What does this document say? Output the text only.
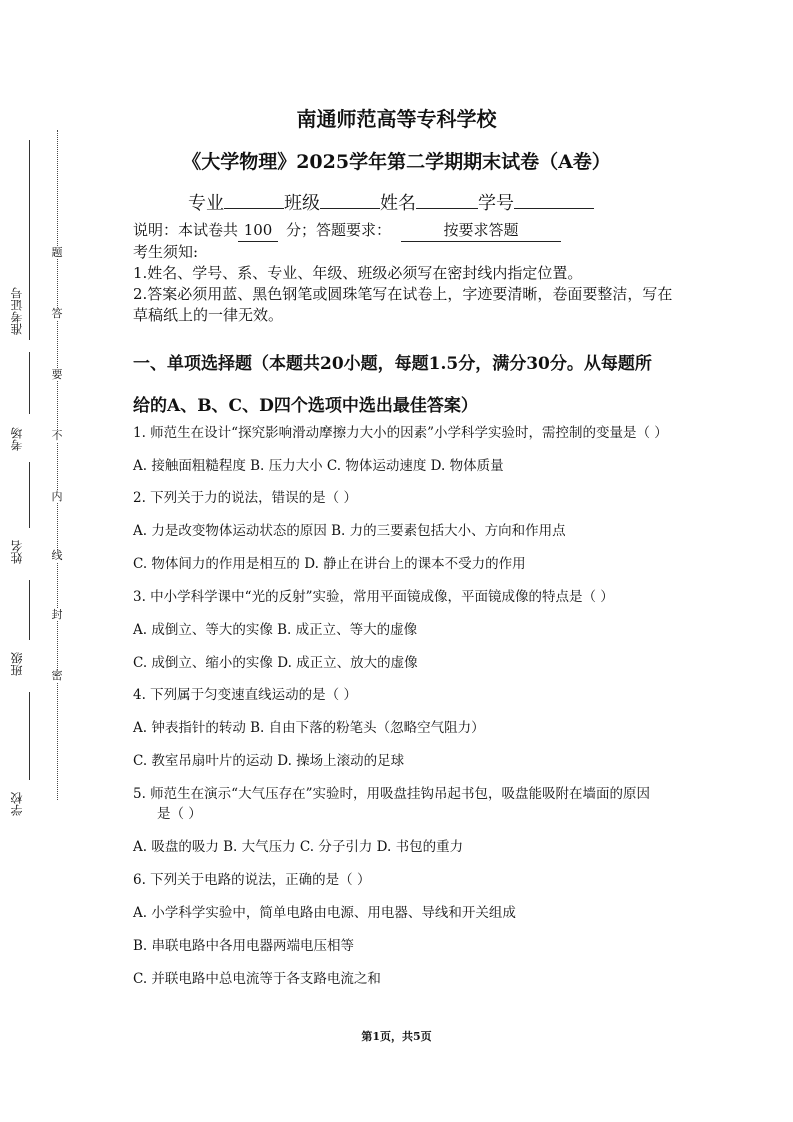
准考证号
考场
姓名
班级
学校
题
答
要
不
内
线
封
密
南通师范高等专科学校
《大学物理》2025学年第二学期期末试卷（A卷）
专业	班级	姓名	学号
说明：本试卷共 100 分；答题要求：	按要求答题
考生须知:
1.姓名、学号、系、专业、年级、班级必须写在密封线内指定位置。
2.答案必须用蓝、黑色钢笔或圆珠笔写在试卷上，字迹要清晰，卷面要整洁，写在草稿纸上的一律无效。
一、单项选择题（本题共20小题，每题1.5分，满分30分。从每题所
给的A、B、C、D四个选项中选出最佳答案）
1. 师范生在设计“探究影响滑动摩擦力大小的因素”小学科学实验时，需控制的变量是（ ）
A. 接触面粗糙程度 B. 压力大小 C. 物体运动速度 D. 物体质量
2. 下列关于力的说法，错误的是（ ）
A. 力是改变物体运动状态的原因 B. 力的三要素包括大小、方向和作用点
C. 物体间力的作用是相互的 D. 静止在讲台上的课本不受力的作用
3. 中小学科学课中“光的反射”实验，常用平面镜成像，平面镜成像的特点是（ ）
A. 成倒立、等大的实像 B. 成正立、等大的虚像
C. 成倒立、缩小的实像 D. 成正立、放大的虚像
4. 下列属于匀变速直线运动的是（ ）
A. 钟表指针的转动 B. 自由下落的粉笔头（忽略空气阻力）
C. 教室吊扇叶片的运动 D. 操场上滚动的足球
5. 师范生在演示“大气压存在”实验时，用吸盘挂钩吊起书包，吸盘能吸附在墙面的原因
是（ ）
A. 吸盘的吸力 B. 大气压力 C. 分子引力 D. 书包的重力
6. 下列关于电路的说法，正确的是（ ）
A. 小学科学实验中，简单电路由电源、用电器、导线和开关组成
B. 串联电路中各用电器两端电压相等
C. 并联电路中总电流等于各支路电流之和
第1页，共5页
